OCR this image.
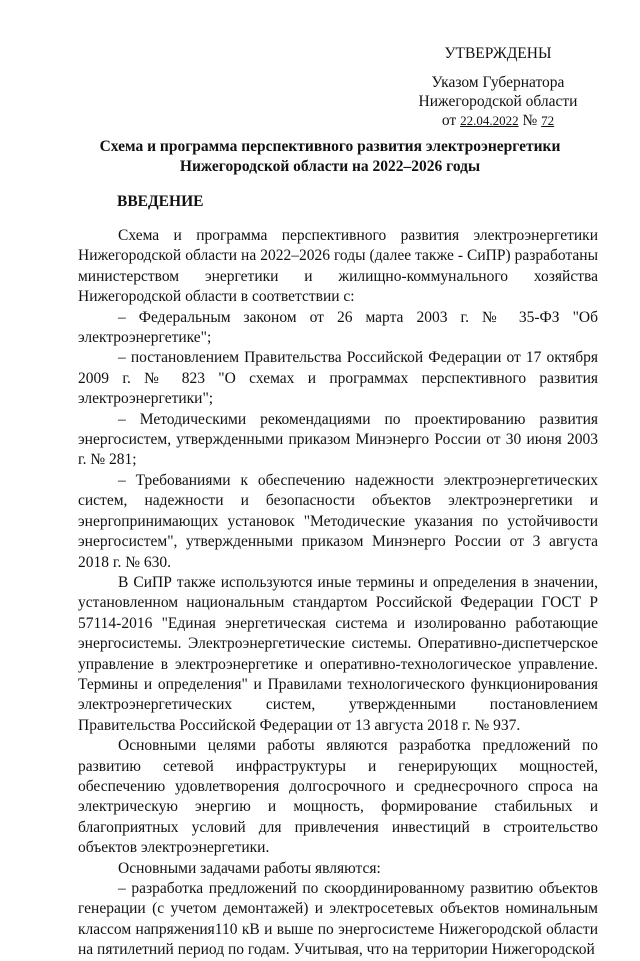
УТВЕРЖДЕНЫ
Указом Губернатора
Нижегородской области
от 22.04.2022 № 72
Схема и программа перспективного развития электроэнергетики
Нижегородской области на 2022–2026 годы
ВВЕДЕНИЕ

Схема и программа перспективного развития электроэнергетики Нижегородской области на 2022–2026 годы (далее также - СиПР) разработаны министерством энергетики и жилищно-коммунального хозяйства Нижегородской области в соответствии с:

– Федеральным законом от 26 марта 2003 г. № 35-ФЗ "Об электроэнергетике";

– постановлением Правительства Российской Федерации от 17 октября 2009 г. № 823 "О схемах и программах перспективного развития электроэнергетики";

– Методическими рекомендациями по проектированию развития энергосистем, утвержденными приказом Минэнерго России от 30 июня 2003 г. № 281;

– Требованиями к обеспечению надежности электроэнергетических систем, надежности и безопасности объектов электроэнергетики и энергопринимающих установок "Методические указания по устойчивости энергосистем", утвержденными приказом Минэнерго России от 3 августа 2018 г. № 630.

В СиПР также используются иные термины и определения в значении, установленном национальным стандартом Российской Федерации ГОСТ Р 57114-2016 "Единая энергетическая система и изолированно работающие энергосистемы. Электроэнергетические системы. Оперативно-диспетчерское управление в электроэнергетике и оперативно-технологическое управление. Термины и определения" и Правилами технологического функционирования электроэнергетических систем, утвержденными постановлением Правительства Российской Федерации от 13 августа 2018 г. № 937.

Основными целями работы являются разработка предложений по развитию сетевой инфраструктуры и генерирующих мощностей, обеспечению удовлетворения долгосрочного и среднесрочного спроса на электрическую энергию и мощность, формирование стабильных и благоприятных условий для привлечения инвестиций в строительство объектов электроэнергетики.

Основными задачами работы являются:

– разработка предложений по скоординированному развитию объектов генерации (с учетом демонтажей) и электросетевых объектов номинальным классом напряжения110 кВ и выше по энергосистеме Нижегородской области на пятилетний период по годам. Учитывая, что на территории Нижегородской
